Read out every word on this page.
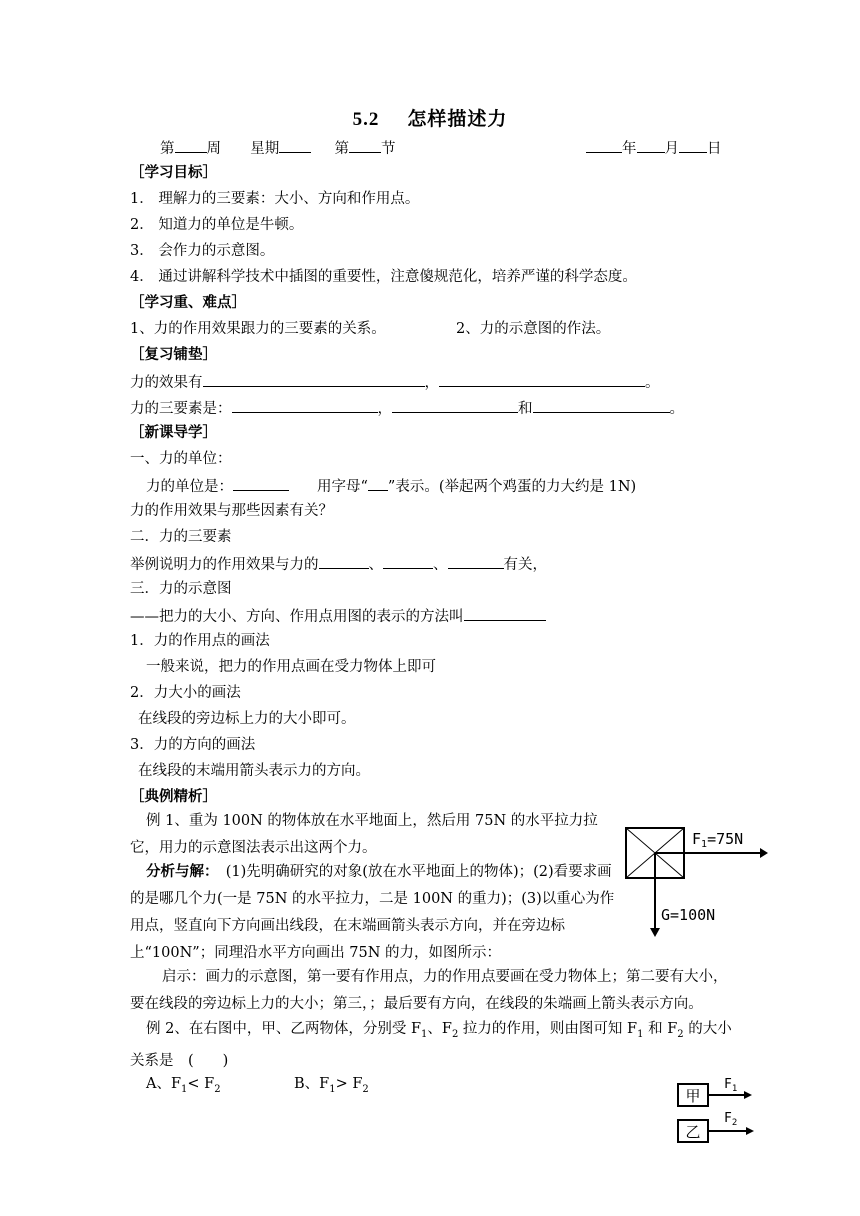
5.2 怎样描述力
第 周 星期	第 节	年 月 日
［学习目标］
1． 理解力的三要素：大小、方向和作用点。
2． 知道力的单位是牛顿。
3． 会作力的示意图。
4． 通过讲解科学技术中插图的重要性，注意傻规范化，培养严谨的科学态度。
［学习重、难点］
1、力的作用效果跟力的三要素的关系。	2、力的示意图的作法。
［复习铺垫］
力的效果有	，	。
力的三要素是：	，	和	。
［新课导学］
一、力的单位：
力的单位是：	用字母“ ”表示。(举起两个鸡蛋的力大约是 1N)
力的作用效果与那些因素有关？
二．力的三要素
举例说明力的作用效果与力的	、	、	有关，
三．力的示意图
——把力的大小、方向、作用点用图的表示的方法叫
1．力的作用点的画法
一般来说，把力的作用点画在受力物体上即可
2．力大小的画法
在线段的旁边标上力的大小即可。
3．力的方向的画法
在线段的末端用箭头表示力的方向。
［典例精析］
例 1、重为 100N 的物体放在水平地面上，然后用 75N 的水平拉力拉它，用力的示意图法表示出这两个力。
分析与解：　 (1)先明确研究的对象(放在水平地面上的物体)；(2)看要求画的是哪几个力(一是 75N 的水平拉力，二是 100N 的重力)；(3)以重心为作用点，竖直向下方向画出线段，在末端画箭头表示方向，并在旁边标上“100N”；同理沿水平方向画出 75N 的力，如图所示：
$F_1=75N$
G=100N
启示：画力的示意图，第一要有作用点，力的作用点要画在受力物体上；第二要有大小，要在线段的旁边标上力的大小；第三，；最后要有方向，在线段的朱端画上箭头表示方向。
例 2、在右图中，甲、乙两物体，分别受 $F_1$、$F_2$ 拉力的作用，则由图可知 $F_1$ 和 $F_2$ 的大小关系是　(　　)
A、$F_1< F_2$	B、$F_1> F_2$	甲
$F_1$
乙
$F_2$
